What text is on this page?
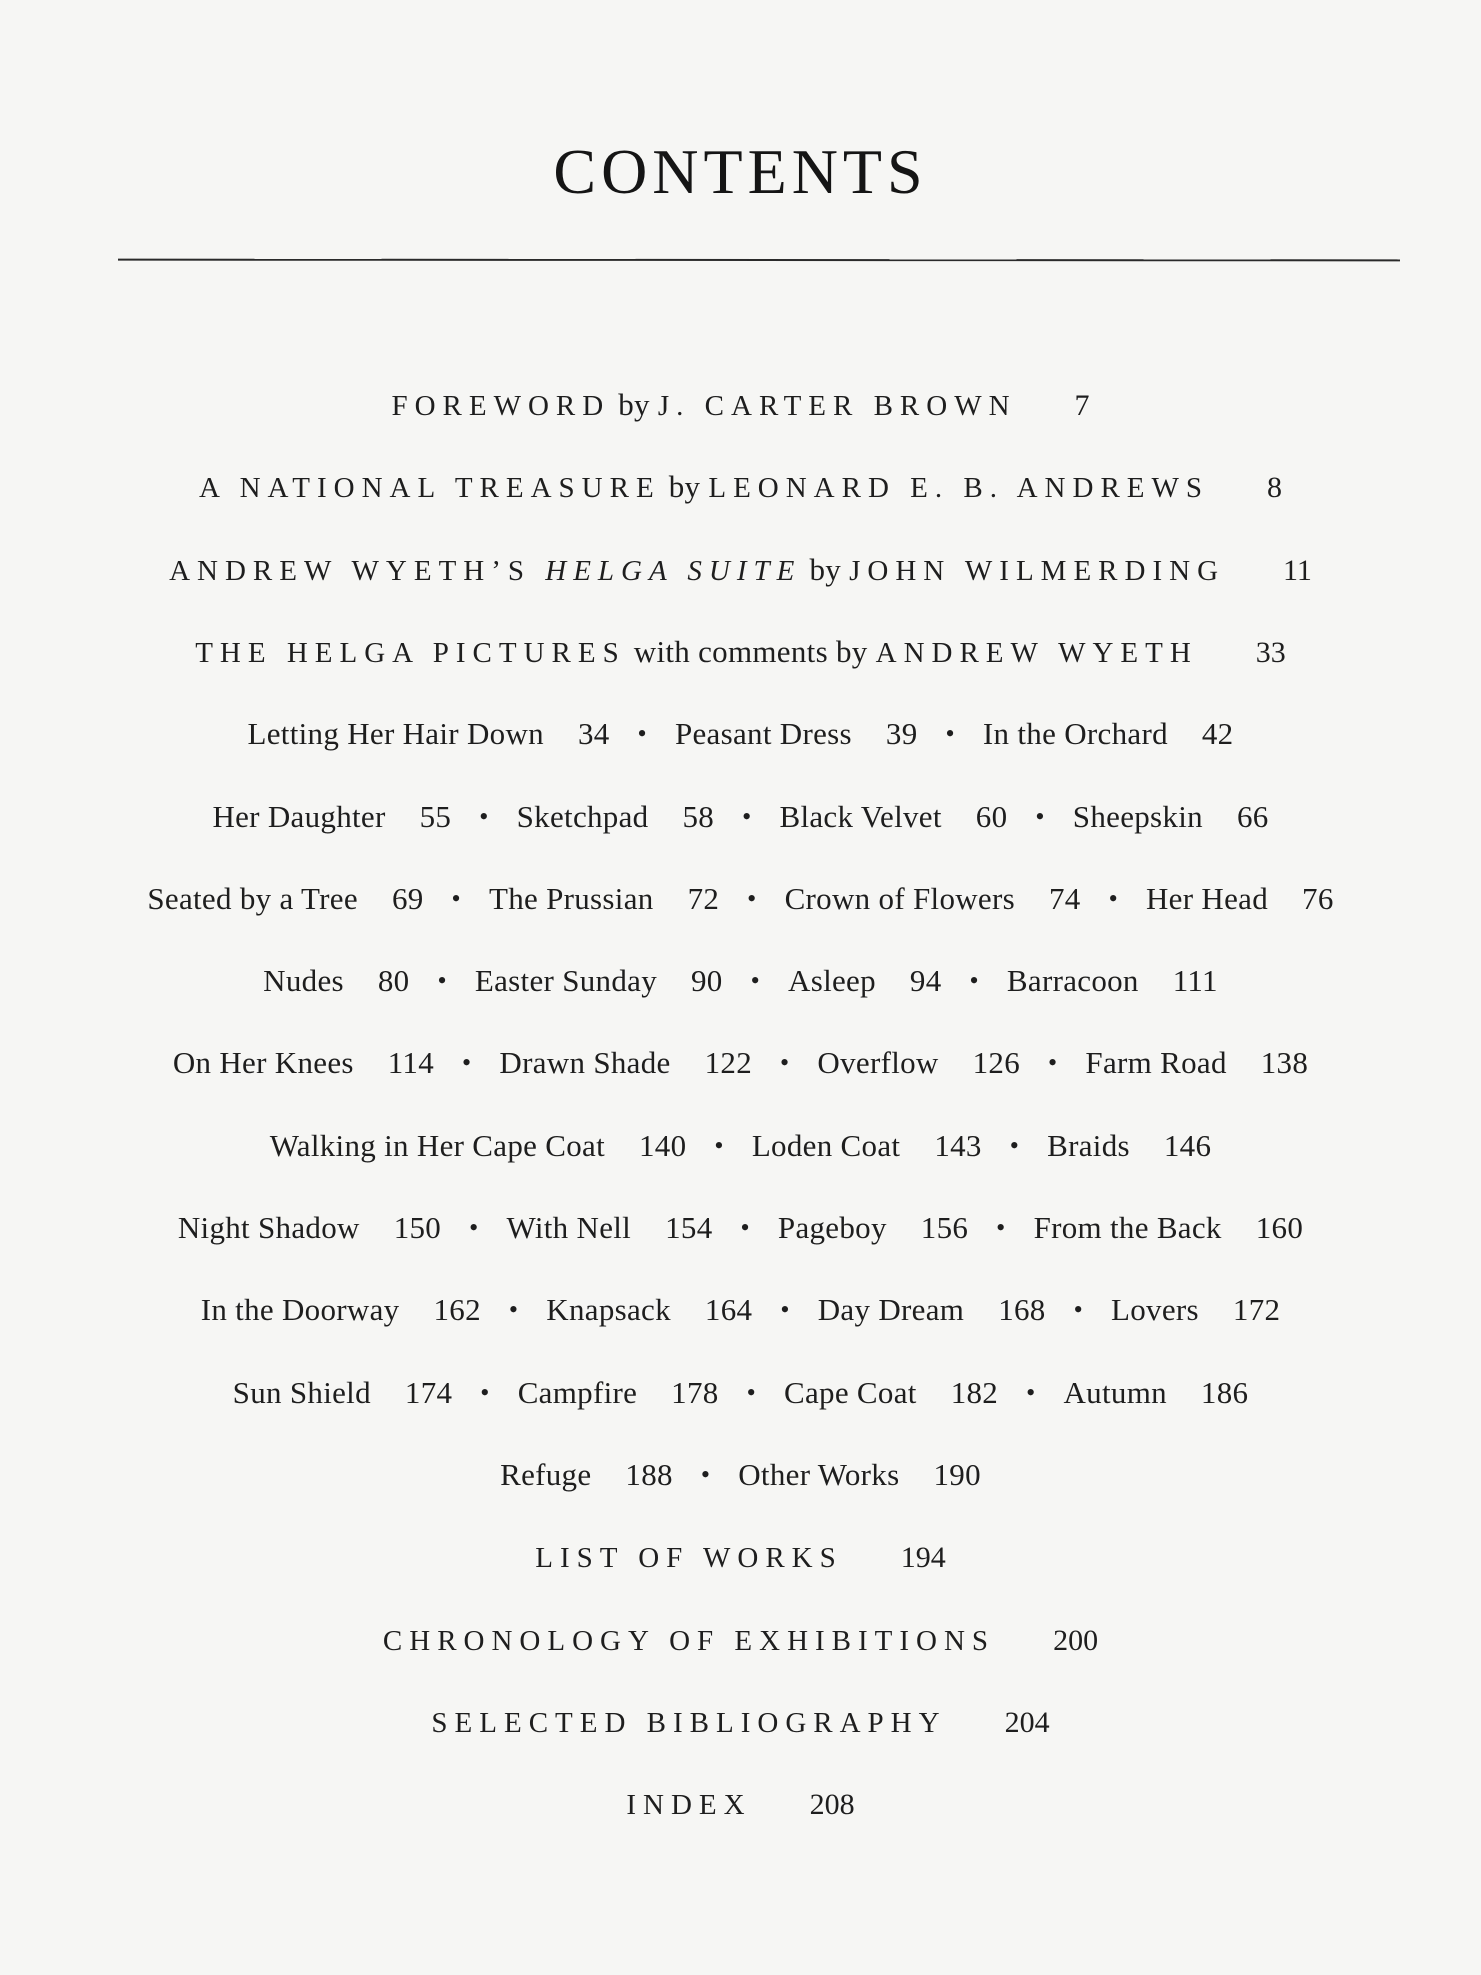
CONTENTS
FOREWORD by J. CARTER BROWN 7
A NATIONAL TREASURE by LEONARD E. B. ANDREWS 8
ANDREW WYETH’S HELGA SUITE by JOHN WILMERDING 11
THE HELGA PICTURES with comments by ANDREW WYETH 33
Letting Her Hair Down 34 • Peasant Dress 39 • In the Orchard 42
Her Daughter 55 • Sketchpad 58 • Black Velvet 60 • Sheepskin 66
Seated by a Tree 69 • The Prussian 72 • Crown of Flowers 74 • Her Head 76
Nudes 80 • Easter Sunday 90 • Asleep 94 • Barracoon 111
On Her Knees 114 • Drawn Shade 122 • Overflow 126 • Farm Road 138
Walking in Her Cape Coat 140 • Loden Coat 143 • Braids 146
Night Shadow 150 • With Nell 154 • Pageboy 156 • From the Back 160
In the Doorway 162 • Knapsack 164 • Day Dream 168 • Lovers 172
Sun Shield 174 • Campfire 178 • Cape Coat 182 • Autumn 186
Refuge 188 • Other Works 190
LIST OF WORKS 194
CHRONOLOGY OF EXHIBITIONS 200
SELECTED BIBLIOGRAPHY 204
INDEX 208
